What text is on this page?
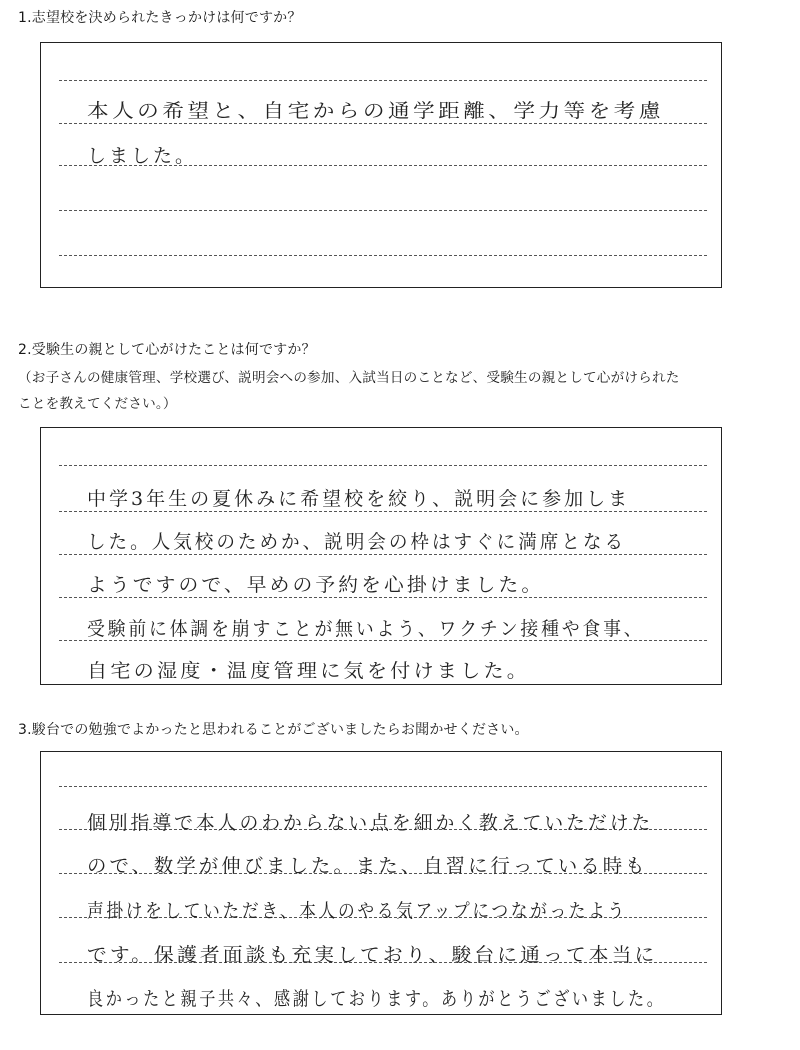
1.志望校を決められたきっかけは何ですか？
本人の希望と、自宅からの通学距離、学力等を考慮
しました。
2.受験生の親として心がけたことは何ですか？
（お子さんの健康管理、学校選び、説明会への参加、入試当日のことなど、受験生の親として心がけられた
ことを教えてください。）
中学3年生の夏休みに希望校を絞り、説明会に参加しま
した。人気校のためか、説明会の枠はすぐに満席となる
ようですので、早めの予約を心掛けました。
受験前に体調を崩すことが無いよう、ワクチン接種や食事、
自宅の湿度・温度管理に気を付けました。
3.駿台での勉強でよかったと思われることがございましたらお聞かせください。
個別指導で本人のわからない点を細かく教えていただけた
ので、数学が伸びました。また、自習に行っている時も
声掛けをしていただき、本人のやる気アップにつながったよう
です。保護者面談も充実しており、駿台に通って本当に
良かったと親子共々、感謝しております。ありがとうございました。
